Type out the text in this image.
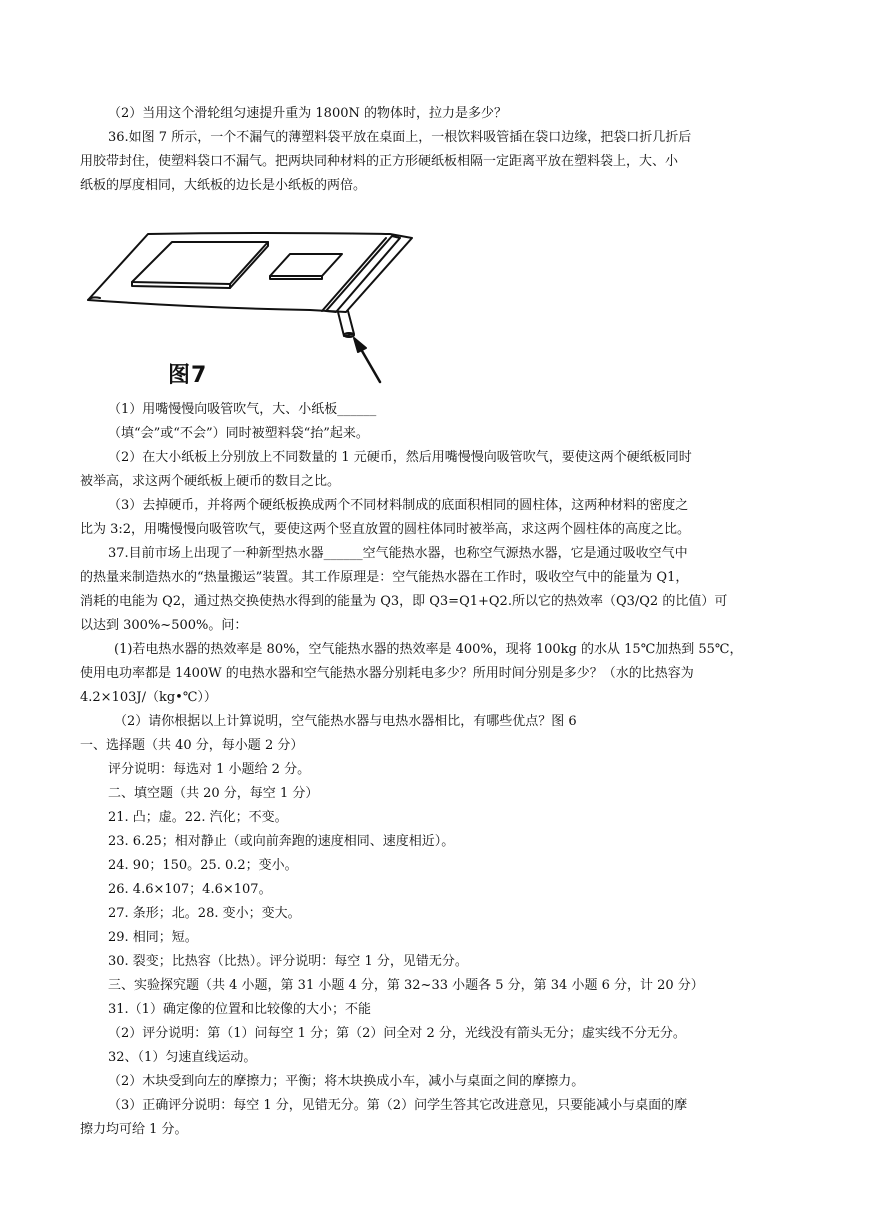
（2）当用这个滑轮组匀速提升重为 1800N 的物体时，拉力是多少？
36.如图 7 所示，一个不漏气的薄塑料袋平放在桌面上，一根饮料吸管插在袋口边缘，把袋口折几折后
用胶带封住，使塑料袋口不漏气。把两块同种材料的正方形硬纸板相隔一定距离平放在塑料袋上，大、小
纸板的厚度相同，大纸板的边长是小纸板的两倍。
图7
（1）用嘴慢慢向吸管吹气，大、小纸板______
（填“会”或“不会”）同时被塑料袋“抬”起来。
（2）在大小纸板上分别放上不同数量的 1 元硬币，然后用嘴慢慢向吸管吹气，要使这两个硬纸板同时
被举高，求这两个硬纸板上硬币的数目之比。
（3）去掉硬币，并将两个硬纸板换成两个不同材料制成的底面积相同的圆柱体，这两种材料的密度之
比为 3:2，用嘴慢慢向吸管吹气，要使这两个竖直放置的圆柱体同时被举高，求这两个圆柱体的高度之比。
37.目前市场上出现了一种新型热水器______空气能热水器，也称空气源热水器，它是通过吸收空气中
的热量来制造热水的“热量搬运”装置。其工作原理是：空气能热水器在工作时，吸收空气中的能量为 Q1，
消耗的电能为 Q2，通过热交换使热水得到的能量为 Q3，即 Q3=Q1+Q2.所以它的热效率（Q3/Q2 的比值）可
以达到 300%~500%。问：
(1)若电热水器的热效率是 80%，空气能热水器的热效率是 400%，现将 100kg 的水从 15℃加热到 55℃，
使用电功率都是 1400W 的电热水器和空气能热水器分别耗电多少？所用时间分别是多少？（水的比热容为
4.2×103J/（kg•℃））
（2）请你根据以上计算说明，空气能热水器与电热水器相比，有哪些优点？图 6
一、选择题（共 40 分，每小题 2 分）
评分说明：每选对 1 小题给 2 分。
二、填空题（共 20 分，每空 1 分）
21. 凸；虚。22. 汽化；不变。
23. 6.25；相对静止（或向前奔跑的速度相同、速度相近）。
24. 90；150。25. 0.2；变小。
26. 4.6×107；4.6×107。
27. 条形；北。28. 变小；变大。
29. 相同；短。
30. 裂变；比热容（比热）。评分说明：每空 1 分，见错无分。
三、实验探究题（共 4 小题，第 31 小题 4 分，第 32~33 小题各 5 分，第 34 小题 6 分，计 20 分）
31.（1）确定像的位置和比较像的大小；不能
（2）评分说明：第（1）问每空 1 分；第（2）问全对 2 分，光线没有箭头无分；虚实线不分无分。
32、（1）匀速直线运动。
（2）木块受到向左的摩擦力；平衡；将木块换成小车，减小与桌面之间的摩擦力。
（3）正确评分说明：每空 1 分，见错无分。第（2）问学生答其它改进意见，只要能减小与桌面的摩
擦力均可给 1 分。
